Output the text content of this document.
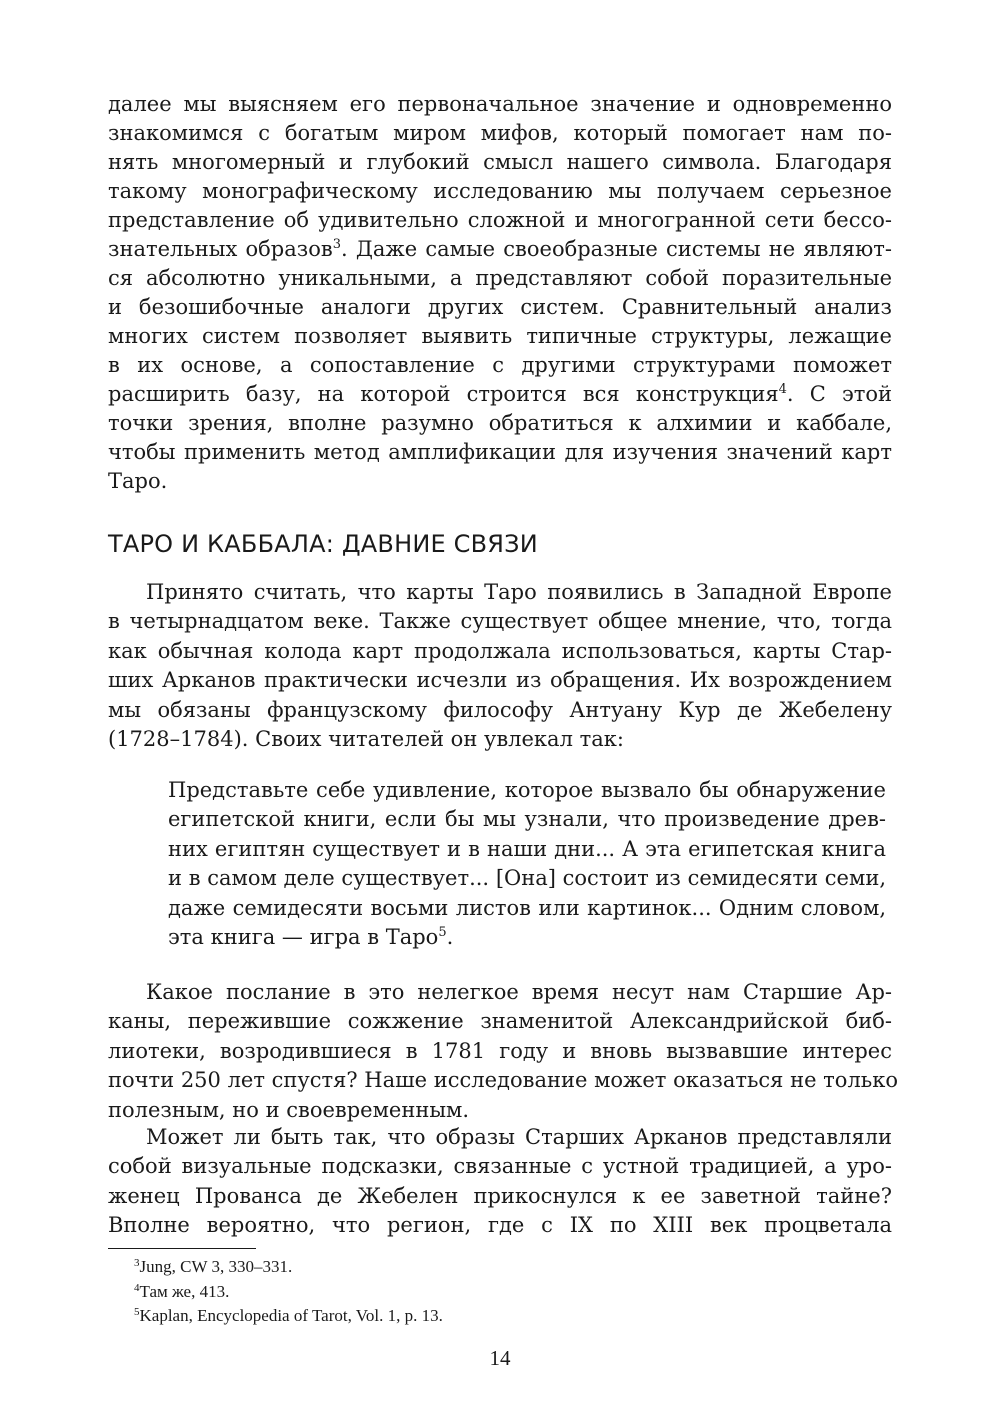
далее мы выясняем его первоначальное значение и одновременно
знакомимся с богатым миром мифов, который помогает нам по-
нять многомерный и глубокий смысл нашего символа. Благодаря
такому монографическому исследованию мы получаем серьезное
представление об удивительно сложной и многогранной сети бессо-
знательных образов$^3$. Даже самые своеобразные системы не являют-
ся абсолютно уникальными, а представляют собой поразительные
и безошибочные аналоги других систем. Сравнительный анализ
многих систем позволяет выявить типичные структуры, лежащие
в их основе, а сопоставление с другими структурами поможет
расширить базу, на которой строится вся конструкция$^4$. С этой
точки зрения, вполне разумно обратиться к алхимии и каббале,
чтобы применить метод амплификации для изучения значений карт
Таро.
ТАРО И КАББАЛА: ДАВНИЕ СВЯЗИ
Принято считать, что карты Таро появились в Западной Европе
в четырнадцатом веке. Также существует общее мнение, что, тогда
как обычная колода карт продолжала использоваться, карты Стар-
ших Арканов практически исчезли из обращения. Их возрождением
мы обязаны французскому философу Антуану Кур де Жебелену
(1728–1784). Своих читателей он увлекал так:
Представьте себе удивление, которое вызвало бы обнаружение
египетской книги, если бы мы узнали, что произведение древ-
них египтян существует и в наши дни... А эта египетская книга
и в самом деле существует... [Она] состоит из семидесяти семи,
даже семидесяти восьми листов или картинок... Одним словом,
эта книга — игра в Таро$^5$.
Какое послание в это нелегкое время несут нам Старшие Ар-
каны, пережившие сожжение знаменитой Александрийской биб-
лиотеки, возродившиеся в 1781 году и вновь вызвавшие интерес
почти 250 лет спустя? Наше исследование может оказаться не только
полезным, но и своевременным.
Может ли быть так, что образы Старших Арканов представляли
собой визуальные подсказки, связанные с устной традицией, а уро-
женец Прованса де Жебелен прикоснулся к ее заветной тайне?
Вполне вероятно, что регион, где с IX по XIII век процветала
$^3$Jung, CW 3, 330–331.
$^4$Там же, 413.
$^5$Kaplan, Encyclopedia of Tarot, Vol. 1, p. 13.
14
